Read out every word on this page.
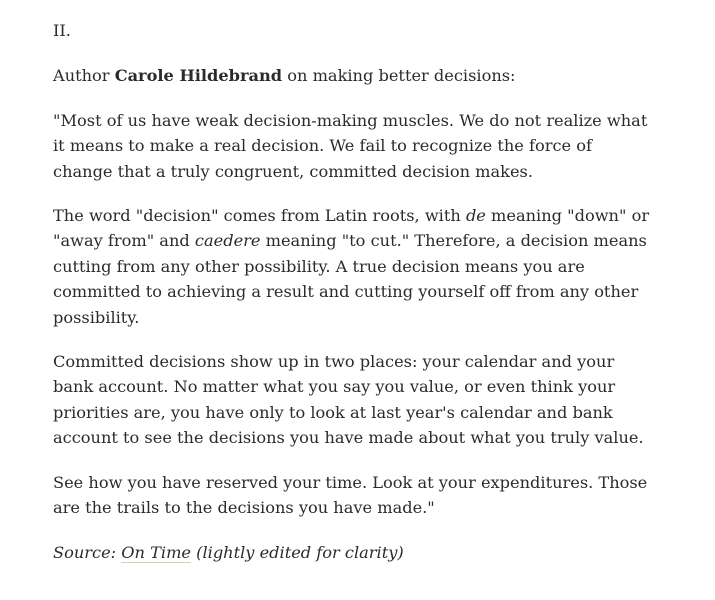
II.

Author Carole Hildebrand on making better decisions:

"Most of us have weak decision-making muscles. We do not realize what it means to make a real decision. We fail to recognize the force of change that a truly congruent, committed decision makes.

The word "decision" comes from Latin roots, with de meaning "down" or "away from" and caedere meaning "to cut." Therefore, a decision means cutting from any other possibility. A true decision means you are committed to achieving a result and cutting yourself off from any other possibility.

Committed decisions show up in two places: your calendar and your bank account. No matter what you say you value, or even think your priorities are, you have only to look at last year's calendar and bank account to see the decisions you have made about what you truly value.

See how you have reserved your time. Look at your expenditures. Those are the trails to the decisions you have made."

Source: On Time (lightly edited for clarity)
